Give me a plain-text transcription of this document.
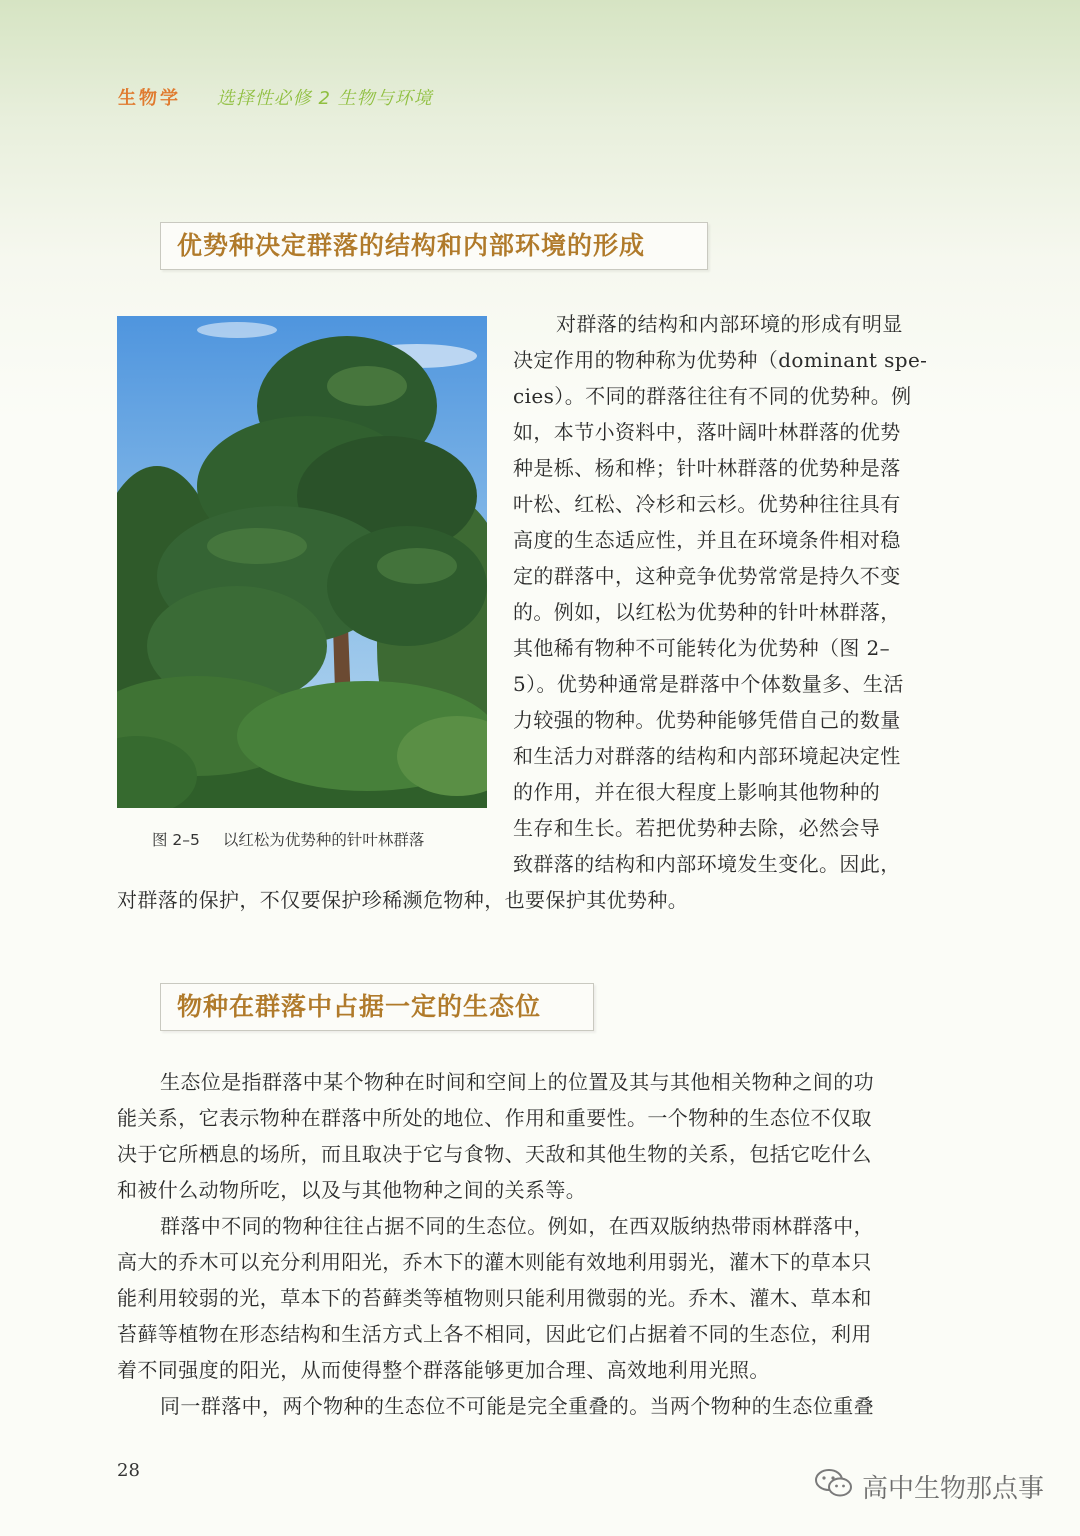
生物学 选择性必修 2 生物与环境
优势种决定群落的结构和内部环境的形成
图 2–5 以红松为优势种的针叶林群落
对群落的结构和内部环境的形成有明显
决定作用的物种称为优势种（dominant spe-
cies）。不同的群落往往有不同的优势种。例
如，本节小资料中，落叶阔叶林群落的优势
种是栎、杨和桦；针叶林群落的优势种是落
叶松、红松、冷杉和云杉。优势种往往具有
高度的生态适应性，并且在环境条件相对稳
定的群落中，这种竞争优势常常是持久不变
的。例如，以红松为优势种的针叶林群落，
其他稀有物种不可能转化为优势种（图 2–
5）。优势种通常是群落中个体数量多、生活
力较强的物种。优势种能够凭借自己的数量
和生活力对群落的结构和内部环境起决定性
的作用，并在很大程度上影响其他物种的
生存和生长。若把优势种去除，必然会导
致群落的结构和内部环境发生变化。因此，
对群落的保护，不仅要保护珍稀濒危物种，也要保护其优势种。
物种在群落中占据一定的生态位
生态位是指群落中某个物种在时间和空间上的位置及其与其他相关物种之间的功
能关系，它表示物种在群落中所处的地位、作用和重要性。一个物种的生态位不仅取
决于它所栖息的场所，而且取决于它与食物、天敌和其他生物的关系，包括它吃什么
和被什么动物所吃，以及与其他物种之间的关系等。
群落中不同的物种往往占据不同的生态位。例如，在西双版纳热带雨林群落中，
高大的乔木可以充分利用阳光，乔木下的灌木则能有效地利用弱光，灌木下的草本只
能利用较弱的光，草本下的苔藓类等植物则只能利用微弱的光。乔木、灌木、草本和
苔藓等植物在形态结构和生活方式上各不相同，因此它们占据着不同的生态位，利用
着不同强度的阳光，从而使得整个群落能够更加合理、高效地利用光照。
同一群落中，两个物种的生态位不可能是完全重叠的。当两个物种的生态位重叠
28
高中生物那点事
